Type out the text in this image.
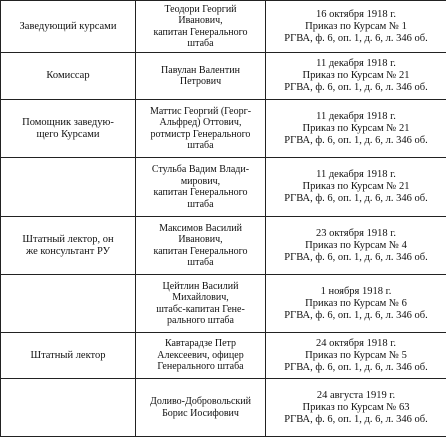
Заведующий курсами	Теодори Георгий
Иванович,
капитан Генерального
штаба	16 октября 1918 г.
Приказ по Курсам № 1
РГВА, ф. 6, оп. 1, д. 6, л. 346 об.

Комиссар	Павулан Валентин
Петрович	11 декабря 1918 г.
Приказ по Курсам № 21
РГВА, ф. 6, оп. 1, д. 6, л. 346 об.

Помощник заведую-
щего Курсами	Маттис Георгий (Георг-
Альфред) Оттович,
ротмистр Генерального
штаба	11 декабря 1918 г.
Приказ по Курсам № 21
РГВА, ф. 6, оп. 1, д. 6, л. 346 об.

	Стульба Вадим Влади-
мирович,
капитан Генерального
штаба	11 декабря 1918 г.
Приказ по Курсам № 21
РГВА, ф. 6, оп. 1, д. 6, л. 346 об.

Штатный лектор, он
же консультант РУ	Максимов Василий
Иванович,
капитан Генерального
штаба	23 октября 1918 г.
Приказ по Курсам № 4
РГВА, ф. 6, оп. 1, д. 6, л. 346 об.

	Цейтлин Василий
Михайлович,
штабс-капитан Гене-
рального штаба	1 ноября 1918 г.
Приказ по Курсам № 6
РГВА, ф. 6, оп. 1, д. 6, л. 346 об.

Штатный лектор	Кавтарадзе Петр
Алексеевич, офицер
Генерального штаба	24 октября 1918 г.
Приказ по Курсам № 5
РГВА, ф. 6, оп. 1, д. 6, л. 346 об.

	Доливо-Добровольский
Борис Иосифович	24 августа 1919 г.
Приказ по Курсам № 63
РГВА, ф. 6, оп. 1, д. 6, л. 346 об.
